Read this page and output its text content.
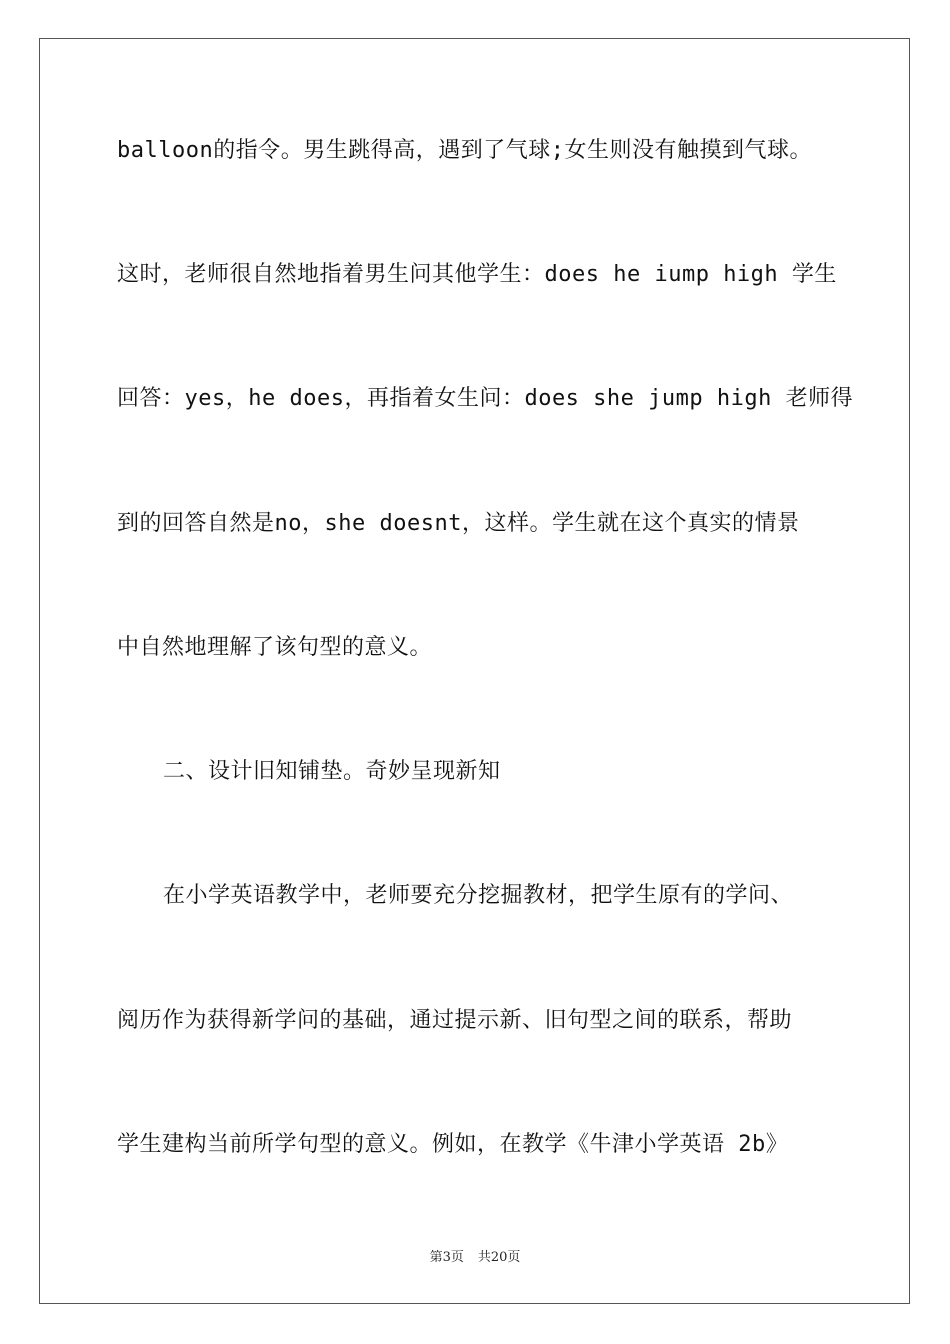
balloon的指令。男生跳得高，遇到了气球;女生则没有触摸到气球。
这时，老师很自然地指着男生问其他学生：does he iump high 学生
回答：yes，he does，再指着女生问：does she jump high 老师得
到的回答自然是no，she doesnt，这样。学生就在这个真实的情景
中自然地理解了该句型的意义。
二、设计旧知铺垫。奇妙呈现新知
在小学英语教学中，老师要充分挖掘教材，把学生原有的学问、
阅历作为获得新学问的基础，通过提示新、旧句型之间的联系，帮助
学生建构当前所学句型的意义。例如，在教学《牛津小学英语 2b》
第3页 共20页
